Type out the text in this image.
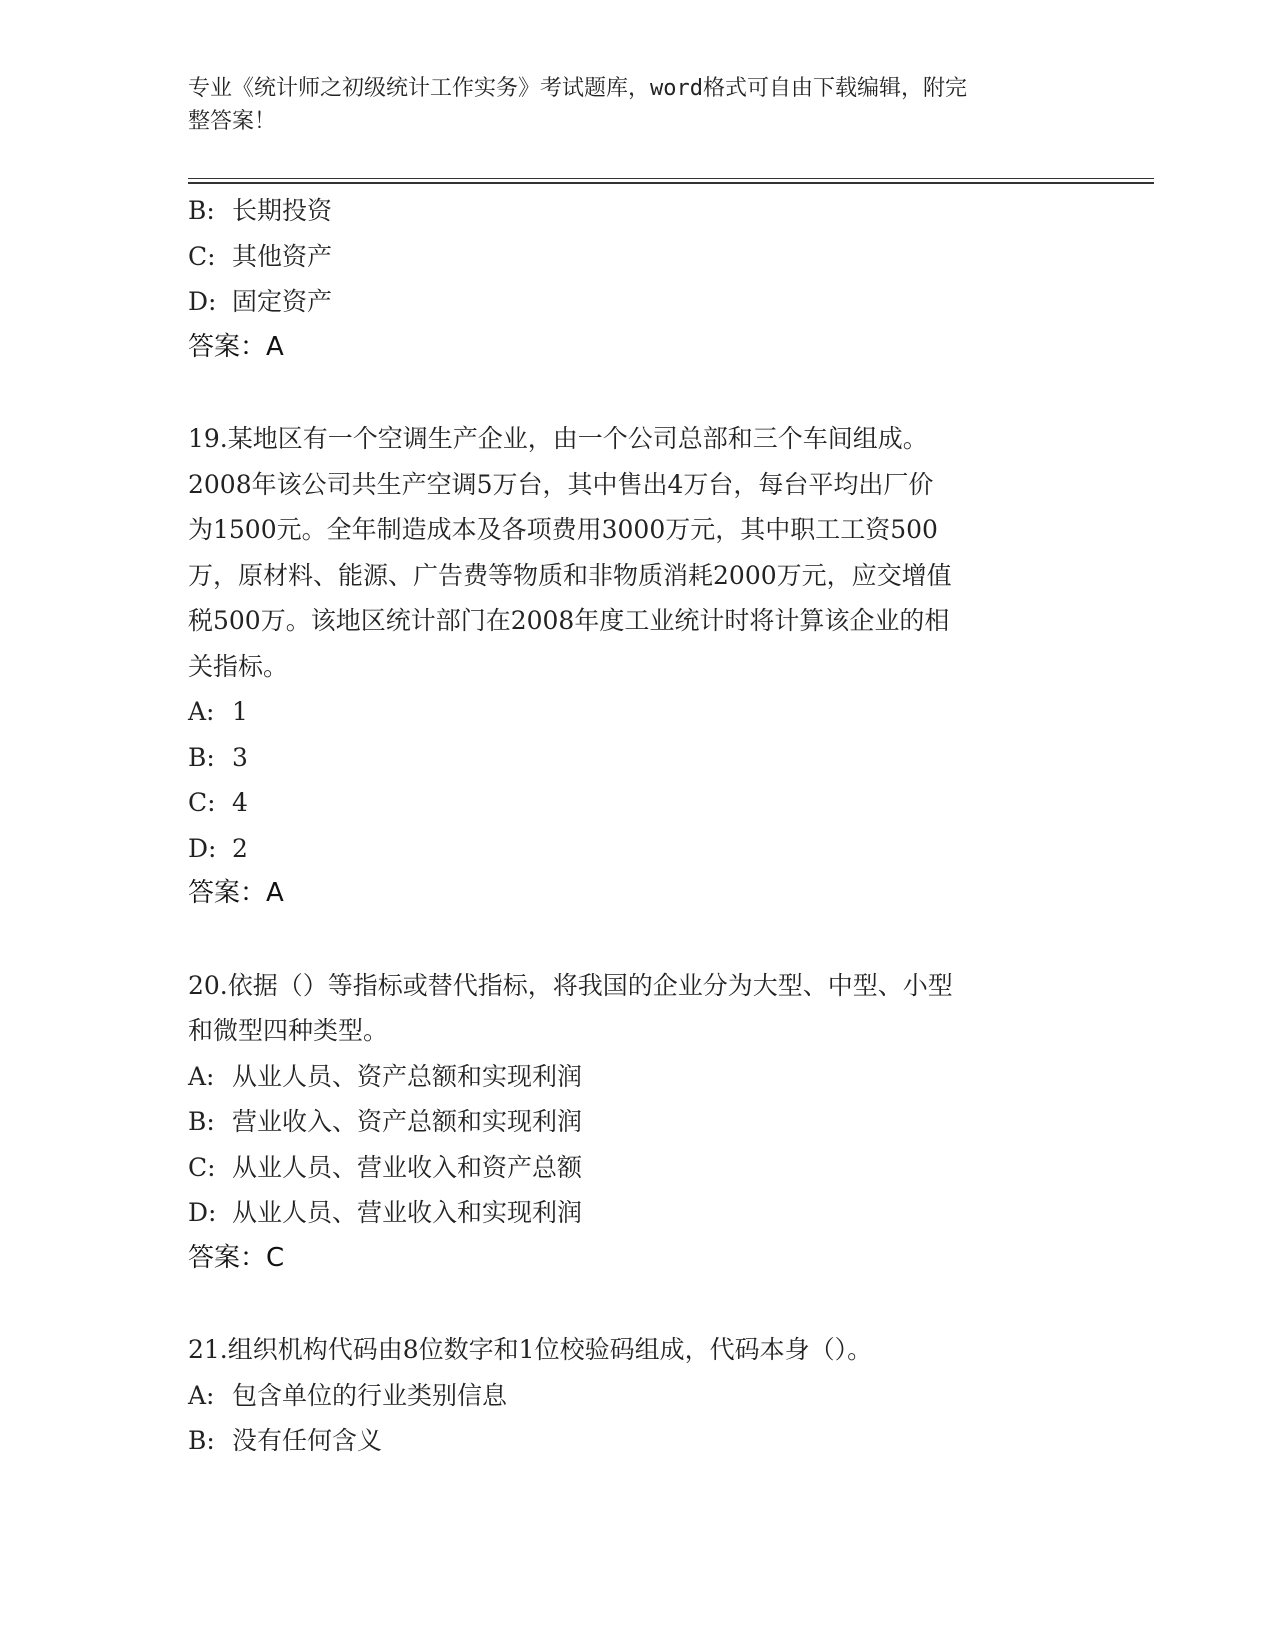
专业《统计师之初级统计工作实务》考试题库，word格式可自由下载编辑，附完
整答案！
B: 长期投资
C: 其他资产
D: 固定资产
答案：A
19.某地区有一个空调生产企业，由一个公司总部和三个车间组成。
2008年该公司共生产空调5万台，其中售出4万台，每台平均出厂价
为1500元。全年制造成本及各项费用3000万元，其中职工工资500
万，原材料、能源、广告费等物质和非物质消耗2000万元，应交增值
税500万。该地区统计部门在2008年度工业统计时将计算该企业的相
关指标。
A: 1
B: 3
C: 4
D: 2
答案：A
20.依据（）等指标或替代指标，将我国的企业分为大型、中型、小型
和微型四种类型。
A: 从业人员、资产总额和实现利润
B: 营业收入、资产总额和实现利润
C: 从业人员、营业收入和资产总额
D: 从业人员、营业收入和实现利润
答案：C
21.组织机构代码由8位数字和1位校验码组成，代码本身（）。
A: 包含单位的行业类别信息
B: 没有任何含义
